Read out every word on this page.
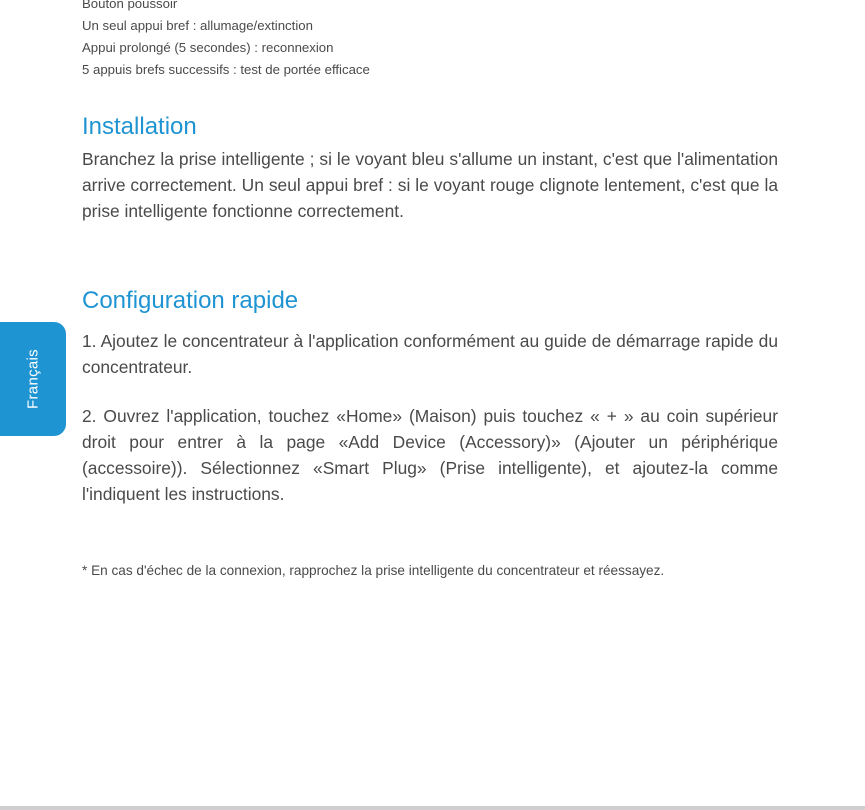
Bouton poussoir
Un seul appui bref : allumage/extinction
Appui prolongé (5 secondes) : reconnexion
5 appuis brefs successifs : test de portée efficace
Installation

Branchez la prise intelligente ; si le voyant bleu s'allume un instant, c'est que l'alimentation arrive correctement. Un seul appui bref : si le voyant rouge clignote lentement, c'est que la prise intelligente fonctionne correctement.

Configuration rapide

1. Ajoutez le concentrateur à l'application conformément au guide de démarrage rapide du concentrateur.

2. Ouvrez l'application, touchez «Home» (Maison) puis touchez « + » au coin supérieur droit pour entrer à la page «Add Device (Accessory)» (Ajouter un périphérique (accessoire)). Sélectionnez «Smart Plug» (Prise intelligente), et ajoutez-la comme l'indiquent les instructions.

* En cas d'échec de la connexion, rapprochez la prise intelligente du concentrateur et réessayez.

Français
